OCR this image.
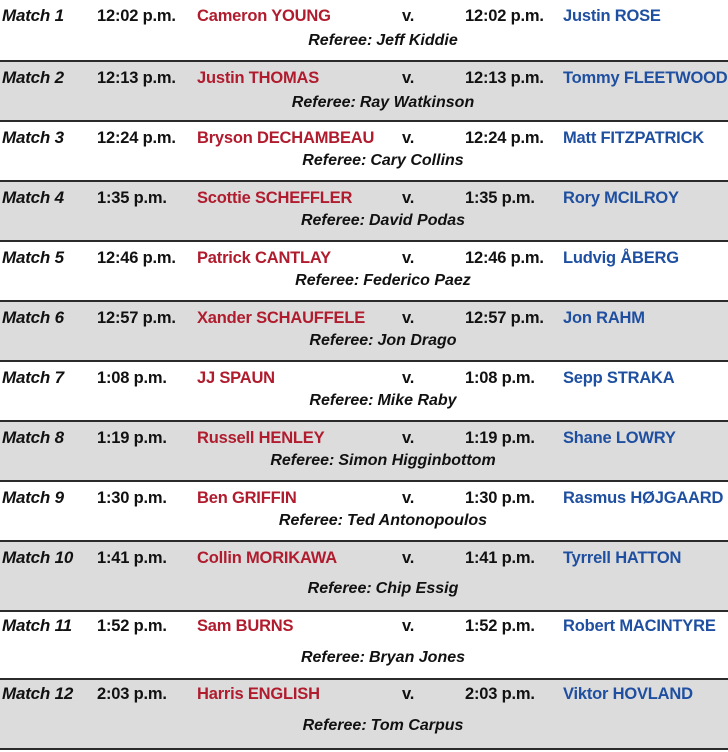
Match 1 12:02 p.m. Cameron YOUNG	v.	12:02 p.m. Justin ROSE
Referee: Jeff Kiddie
Match 2 12:13 p.m. Justin THOMAS	v.	12:13 p.m. Tommy FLEETWOOD
Referee: Ray Watkinson
Match 3 12:24 p.m. Bryson DECHAMBEAU v.	12:24 p.m. Matt FITZPATRICK
Referee: Cary Collins
Match 4 1:35 p.m. Scottie SCHEFFLER	v.	1:35 p.m. Rory MCILROY
Referee: David Podas
Match 5 12:46 p.m. Patrick CANTLAY	v.	12:46 p.m. Ludvig ÅBERG
Referee: Federico Paez
Match 6 12:57 p.m. Xander SCHAUFFELE v.	12:57 p.m. Jon RAHM
Referee: Jon Drago
Match 7 1:08 p.m. JJ SPAUN	v.	1:08 p.m. Sepp STRAKA
Referee: Mike Raby
Match 8 1:19 p.m. Russell HENLEY	v.	1:19 p.m. Shane LOWRY
Referee: Simon Higginbottom
Match 9 1:30 p.m. Ben GRIFFIN	v.	1:30 p.m. Rasmus HØJGAARD
Referee: Ted Antonopoulos
Match 10 1:41 p.m. Collin MORIKAWA	v.	1:41 p.m. Tyrrell HATTON
Referee: Chip Essig
Match 11 1:52 p.m. Sam BURNS	v.	1:52 p.m. Robert MACINTYRE
Referee: Bryan Jones
Match 12 2:03 p.m. Harris ENGLISH	v.	2:03 p.m. Viktor HOVLAND
Referee: Tom Carpus
